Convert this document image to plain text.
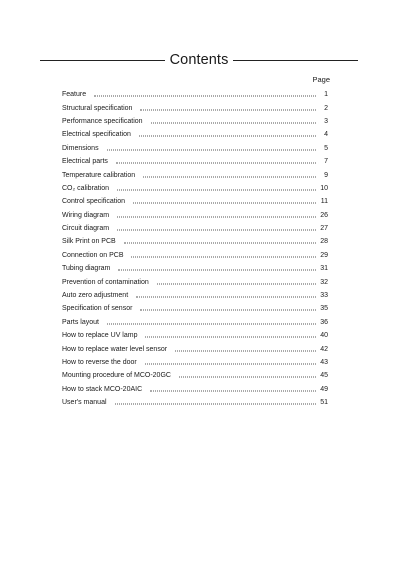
Contents
Page
Feature	1
Structural specification	2
Performance specification	3
Electrical specification	4
Dimensions	5
Electrical parts	7
Temperature calibration	9
CO₂ calibration	10
Control specification	11
Wiring diagram	26
Circuit diagram	27
Silk Print on PCB	28
Connection on PCB	29
Tubing diagram	31
Prevention of contamination	32
Auto zero adjustment	33
Specification of sensor	35
Parts layout	36
How to replace UV lamp	40
How to replace water level sensor	42
How to reverse the door	43
Mounting procedure of MCO-20GC	45
How to stack MCO-20AIC	49
User's manual	51
